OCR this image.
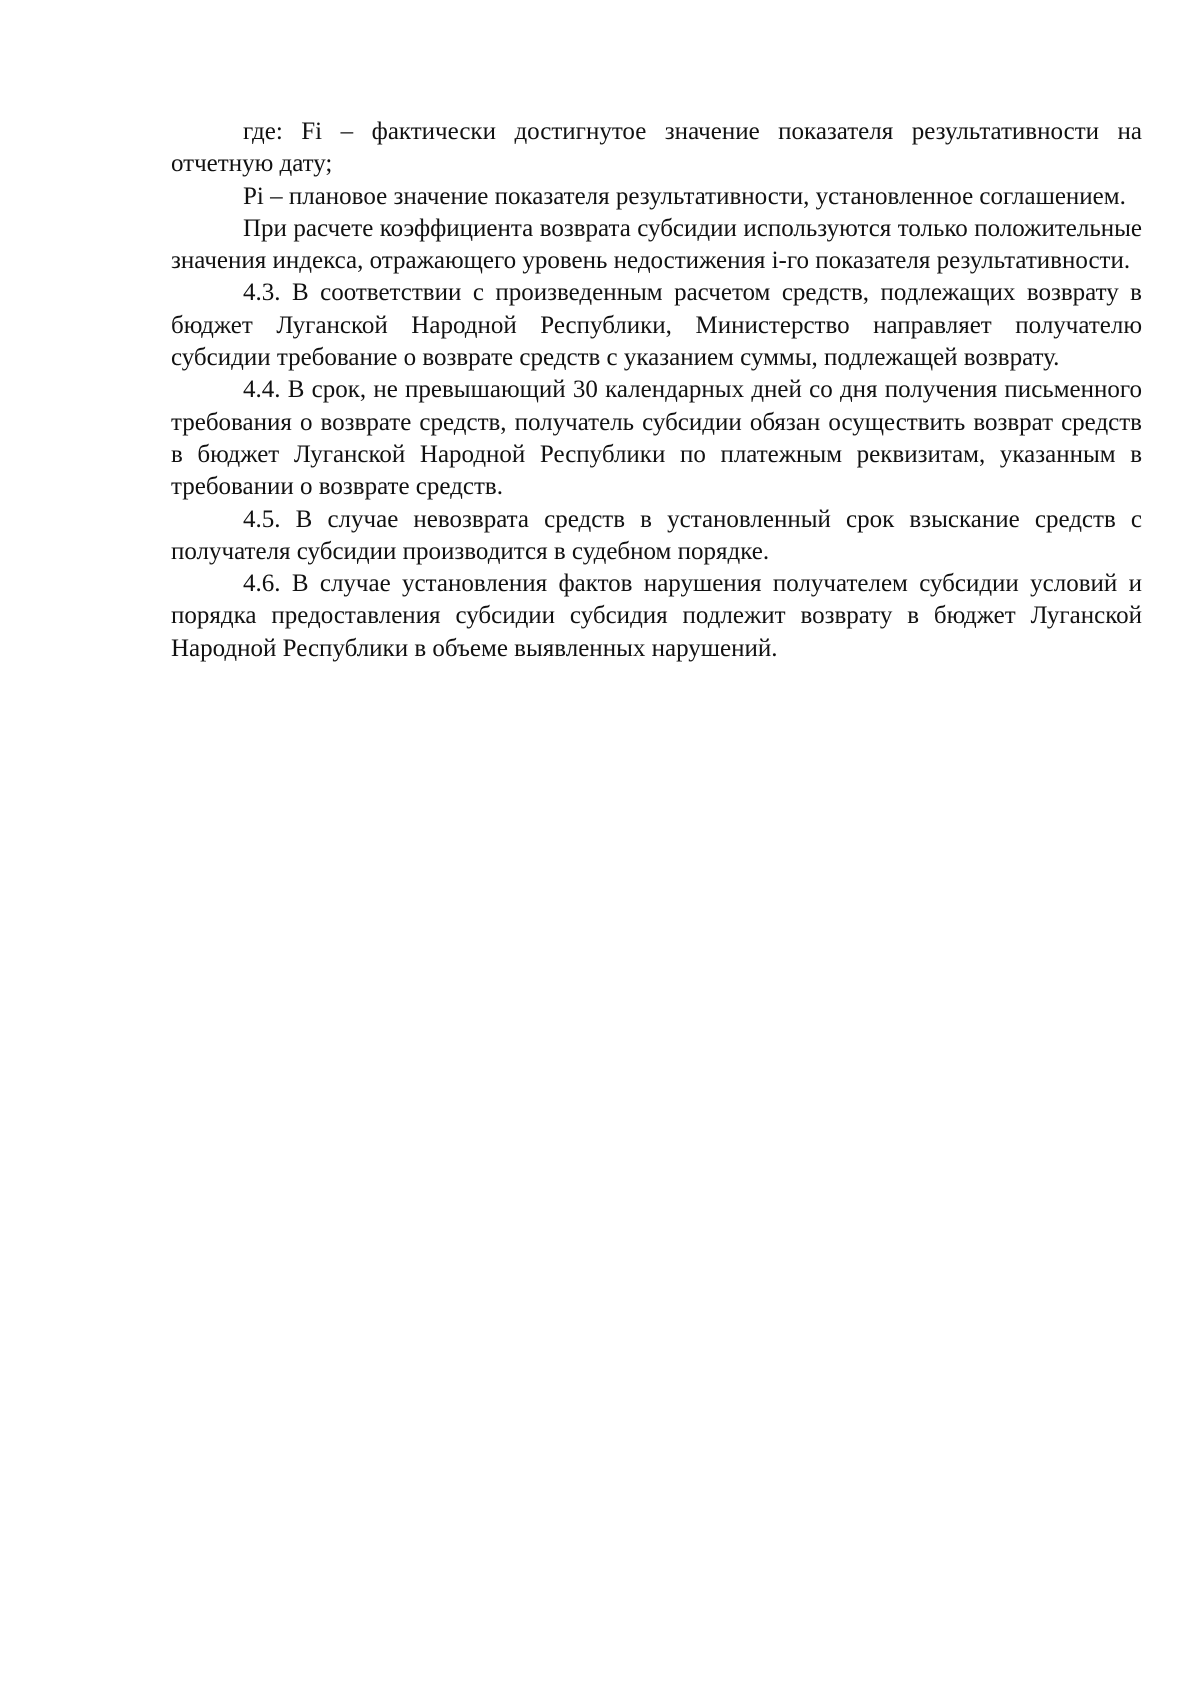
где: Fi – фактически достигнутое значение показателя результативности на отчетную дату;

Pi – плановое значение показателя результативности, установленное соглашением.

При расчете коэффициента возврата субсидии используются только положительные значения индекса, отражающего уровень недостижения i-го показателя результативности.

4.3. В соответствии с произведенным расчетом средств, подлежащих возврату в бюджет Луганской Народной Республики, Министерство направляет получателю субсидии требование о возврате средств с указанием суммы, подлежащей возврату.

4.4. В срок, не превышающий 30 календарных дней со дня получения письменного требования о возврате средств, получатель субсидии обязан осуществить возврат средств в бюджет Луганской Народной Республики по платежным реквизитам, указанным в требовании о возврате средств.

4.5. В случае невозврата средств в установленный срок взыскание средств с получателя субсидии производится в судебном порядке.

4.6. В случае установления фактов нарушения получателем субсидии условий и порядка предоставления субсидии субсидия подлежит возврату в бюджет Луганской Народной Республики в объеме выявленных нарушений.
